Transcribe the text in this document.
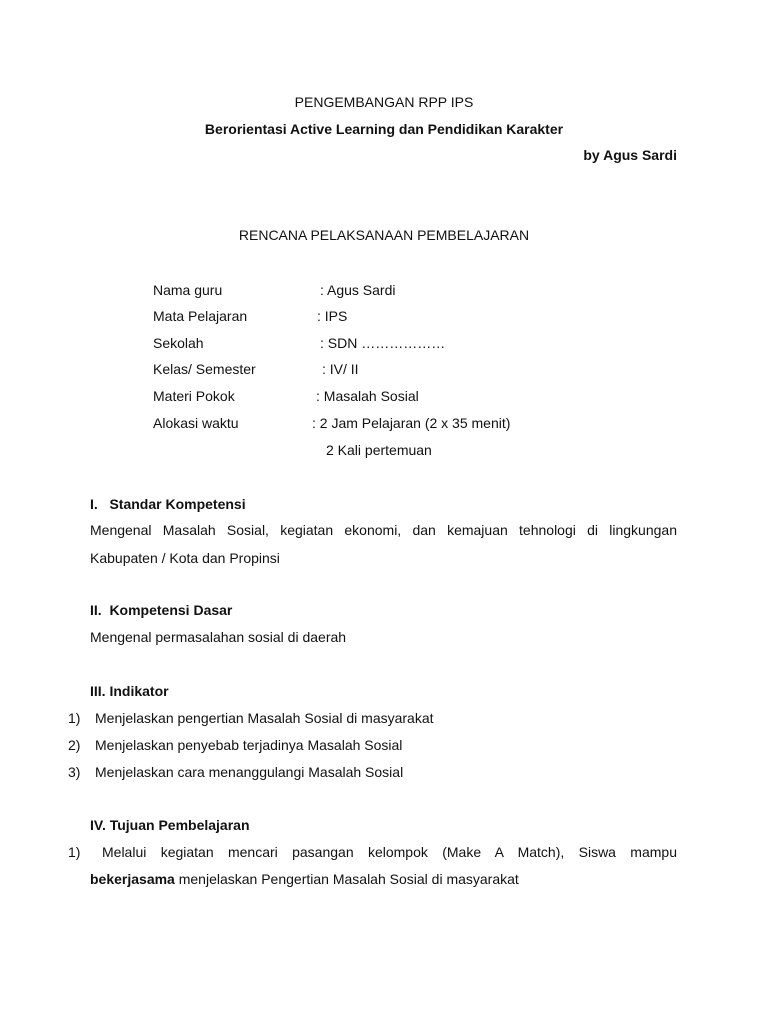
PENGEMBANGAN RPP IPS
Berorientasi Active Learning dan Pendidikan Karakter
by Agus Sardi
RENCANA PELAKSANAAN PEMBELAJARAN
Nama guru	: Agus Sardi
Mata Pelajaran	: IPS
Sekolah	: SDN ………………
Kelas/ Semester	: IV/ II
Materi Pokok	: Masalah Sosial
Alokasi waktu	: 2 Jam Pelajaran (2 x 35 menit)
2 Kali pertemuan
I.   Standar Kompetensi
Mengenal Masalah Sosial, kegiatan ekonomi, dan kemajuan tehnologi di lingkungan
Kabupaten / Kota dan Propinsi
II.  Kompetensi Dasar
Mengenal permasalahan sosial di daerah
III. Indikator
1) Menjelaskan pengertian Masalah Sosial di masyarakat
2) Menjelaskan penyebab terjadinya Masalah Sosial
3) Menjelaskan cara menanggulangi Masalah Sosial
IV. Tujuan Pembelajaran
1) Melalui kegiatan mencari pasangan kelompok (Make A Match), Siswa mampu
bekerjasama menjelaskan Pengertian Masalah Sosial di masyarakat
